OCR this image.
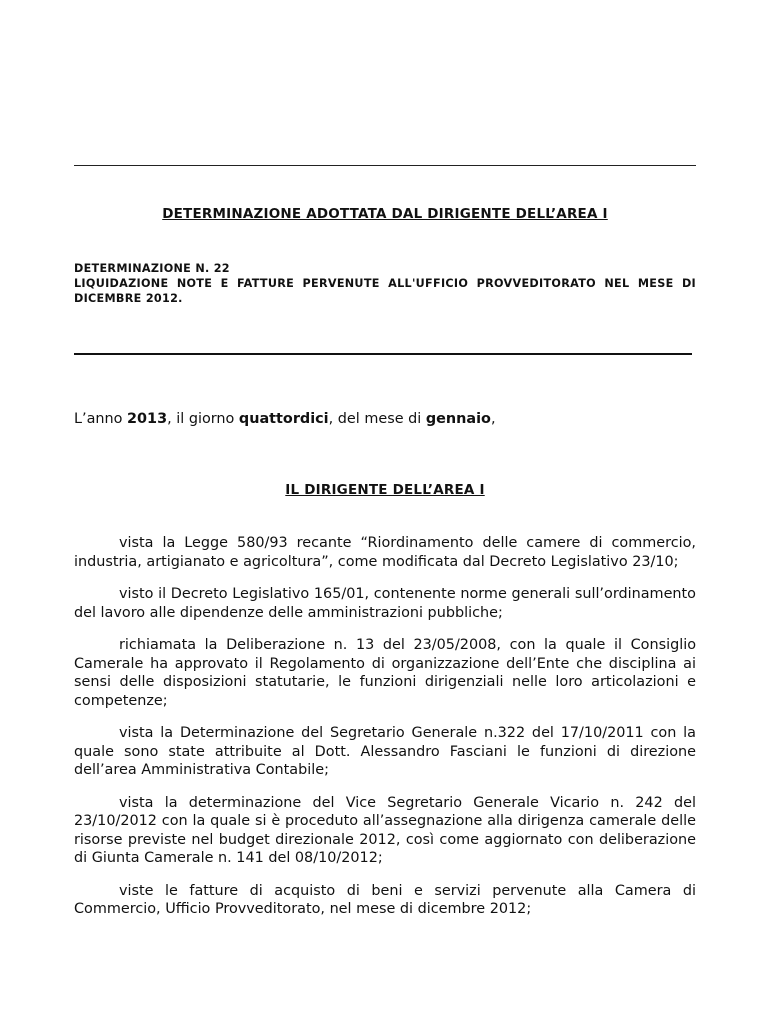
DETERMINAZIONE ADOTTATA DAL DIRIGENTE DELL’AREA I
DETERMINAZIONE N. 22
LIQUIDAZIONE NOTE E FATTURE PERVENUTE ALL'UFFICIO PROVVEDITORATO NEL MESE DI DICEMBRE 2012.
L’anno 2013, il giorno quattordici, del mese di gennaio,
IL DIRIGENTE DELL’AREA I

vista la Legge 580/93 recante “Riordinamento delle camere di commercio, industria, artigianato e agricoltura”, come modificata dal Decreto Legislativo 23/10;

visto il Decreto Legislativo 165/01, contenente norme generali sull’ordinamento del lavoro alle dipendenze delle amministrazioni pubbliche;

richiamata la Deliberazione n. 13 del 23/05/2008, con la quale il Consiglio Camerale ha approvato il Regolamento di organizzazione dell’Ente che disciplina ai sensi delle disposizioni statutarie, le funzioni dirigenziali nelle loro articolazioni e competenze;

vista la Determinazione del Segretario Generale n.322 del 17/10/2011 con la quale sono state attribuite al Dott. Alessandro Fasciani le funzioni di direzione dell’area Amministrativa Contabile;

vista la determinazione del Vice Segretario Generale Vicario n. 242 del 23/10/2012 con la quale si è proceduto all’assegnazione alla dirigenza camerale delle risorse previste nel budget direzionale 2012, così come aggiornato con deliberazione di Giunta Camerale n. 141 del 08/10/2012;

viste le fatture di acquisto di beni e servizi pervenute alla Camera di Commercio, Ufficio Provveditorato, nel mese di dicembre 2012;
